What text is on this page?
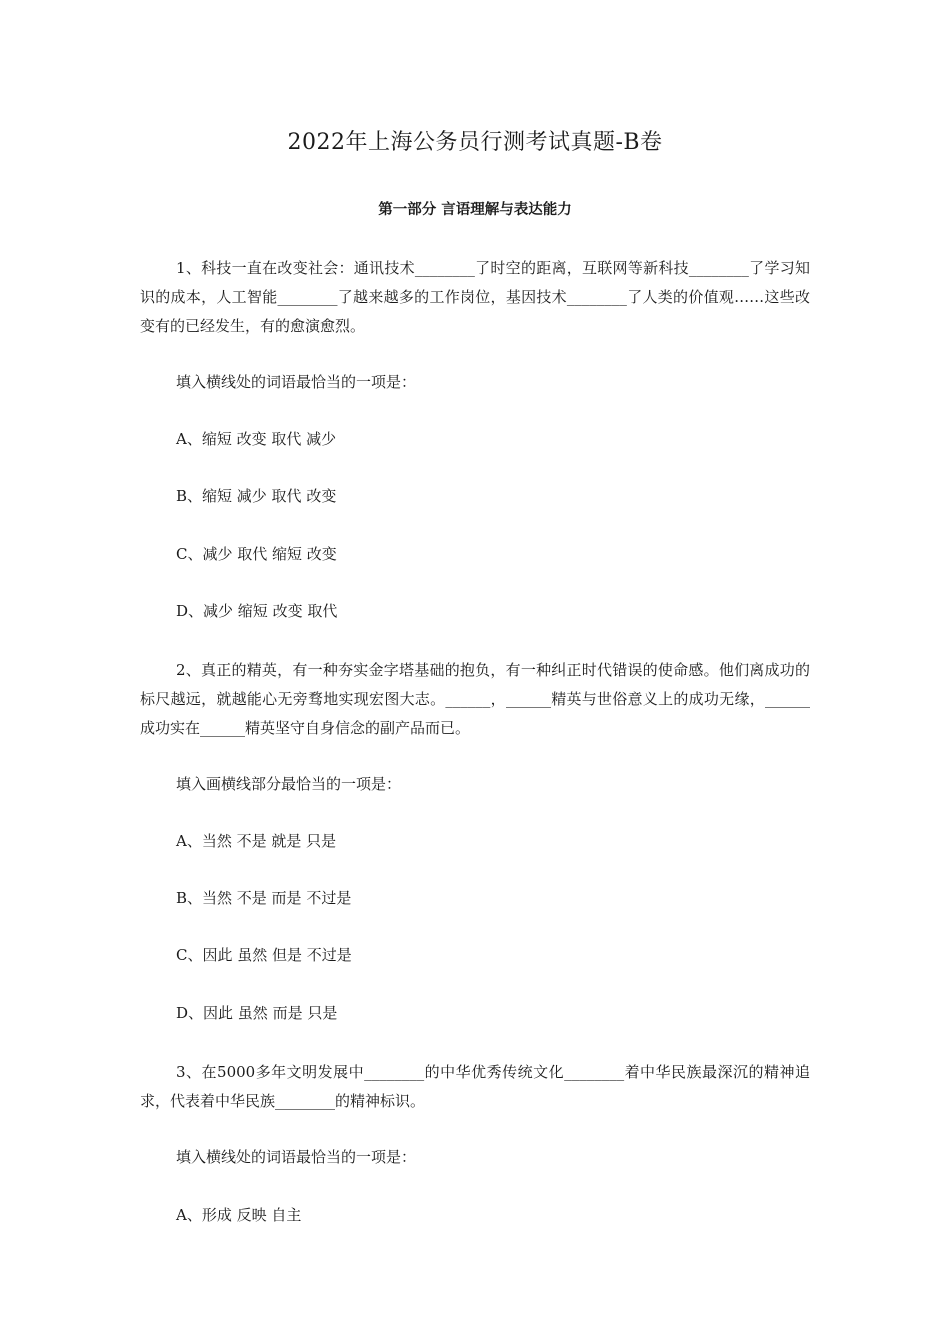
2022年上海公务员行测考试真题-B卷
第一部分 言语理解与表达能力

1、科技一直在改变社会：通讯技术________了时空的距离，互联网等新科技________了学习知识的成本，人工智能________了越来越多的工作岗位，基因技术________了人类的价值观……这些改变有的已经发生，有的愈演愈烈。

填入横线处的词语最恰当的一项是：

A、缩短 改变 取代 减少

B、缩短 减少 取代 改变

C、减少 取代 缩短 改变

D、减少 缩短 改变 取代

2、真正的精英，有一种夯实金字塔基础的抱负，有一种纠正时代错误的使命感。他们离成功的标尺越远，就越能心无旁骛地实现宏图大志。______，______精英与世俗意义上的成功无缘，______成功实在______精英坚守自身信念的副产品而已。

填入画横线部分最恰当的一项是：

A、当然 不是 就是 只是

B、当然 不是 而是 不过是

C、因此 虽然 但是 不过是

D、因此 虽然 而是 只是

3、在5000多年文明发展中________的中华优秀传统文化________着中华民族最深沉的精神追求，代表着中华民族________的精神标识。

填入横线处的词语最恰当的一项是：

A、形成 反映 自主
